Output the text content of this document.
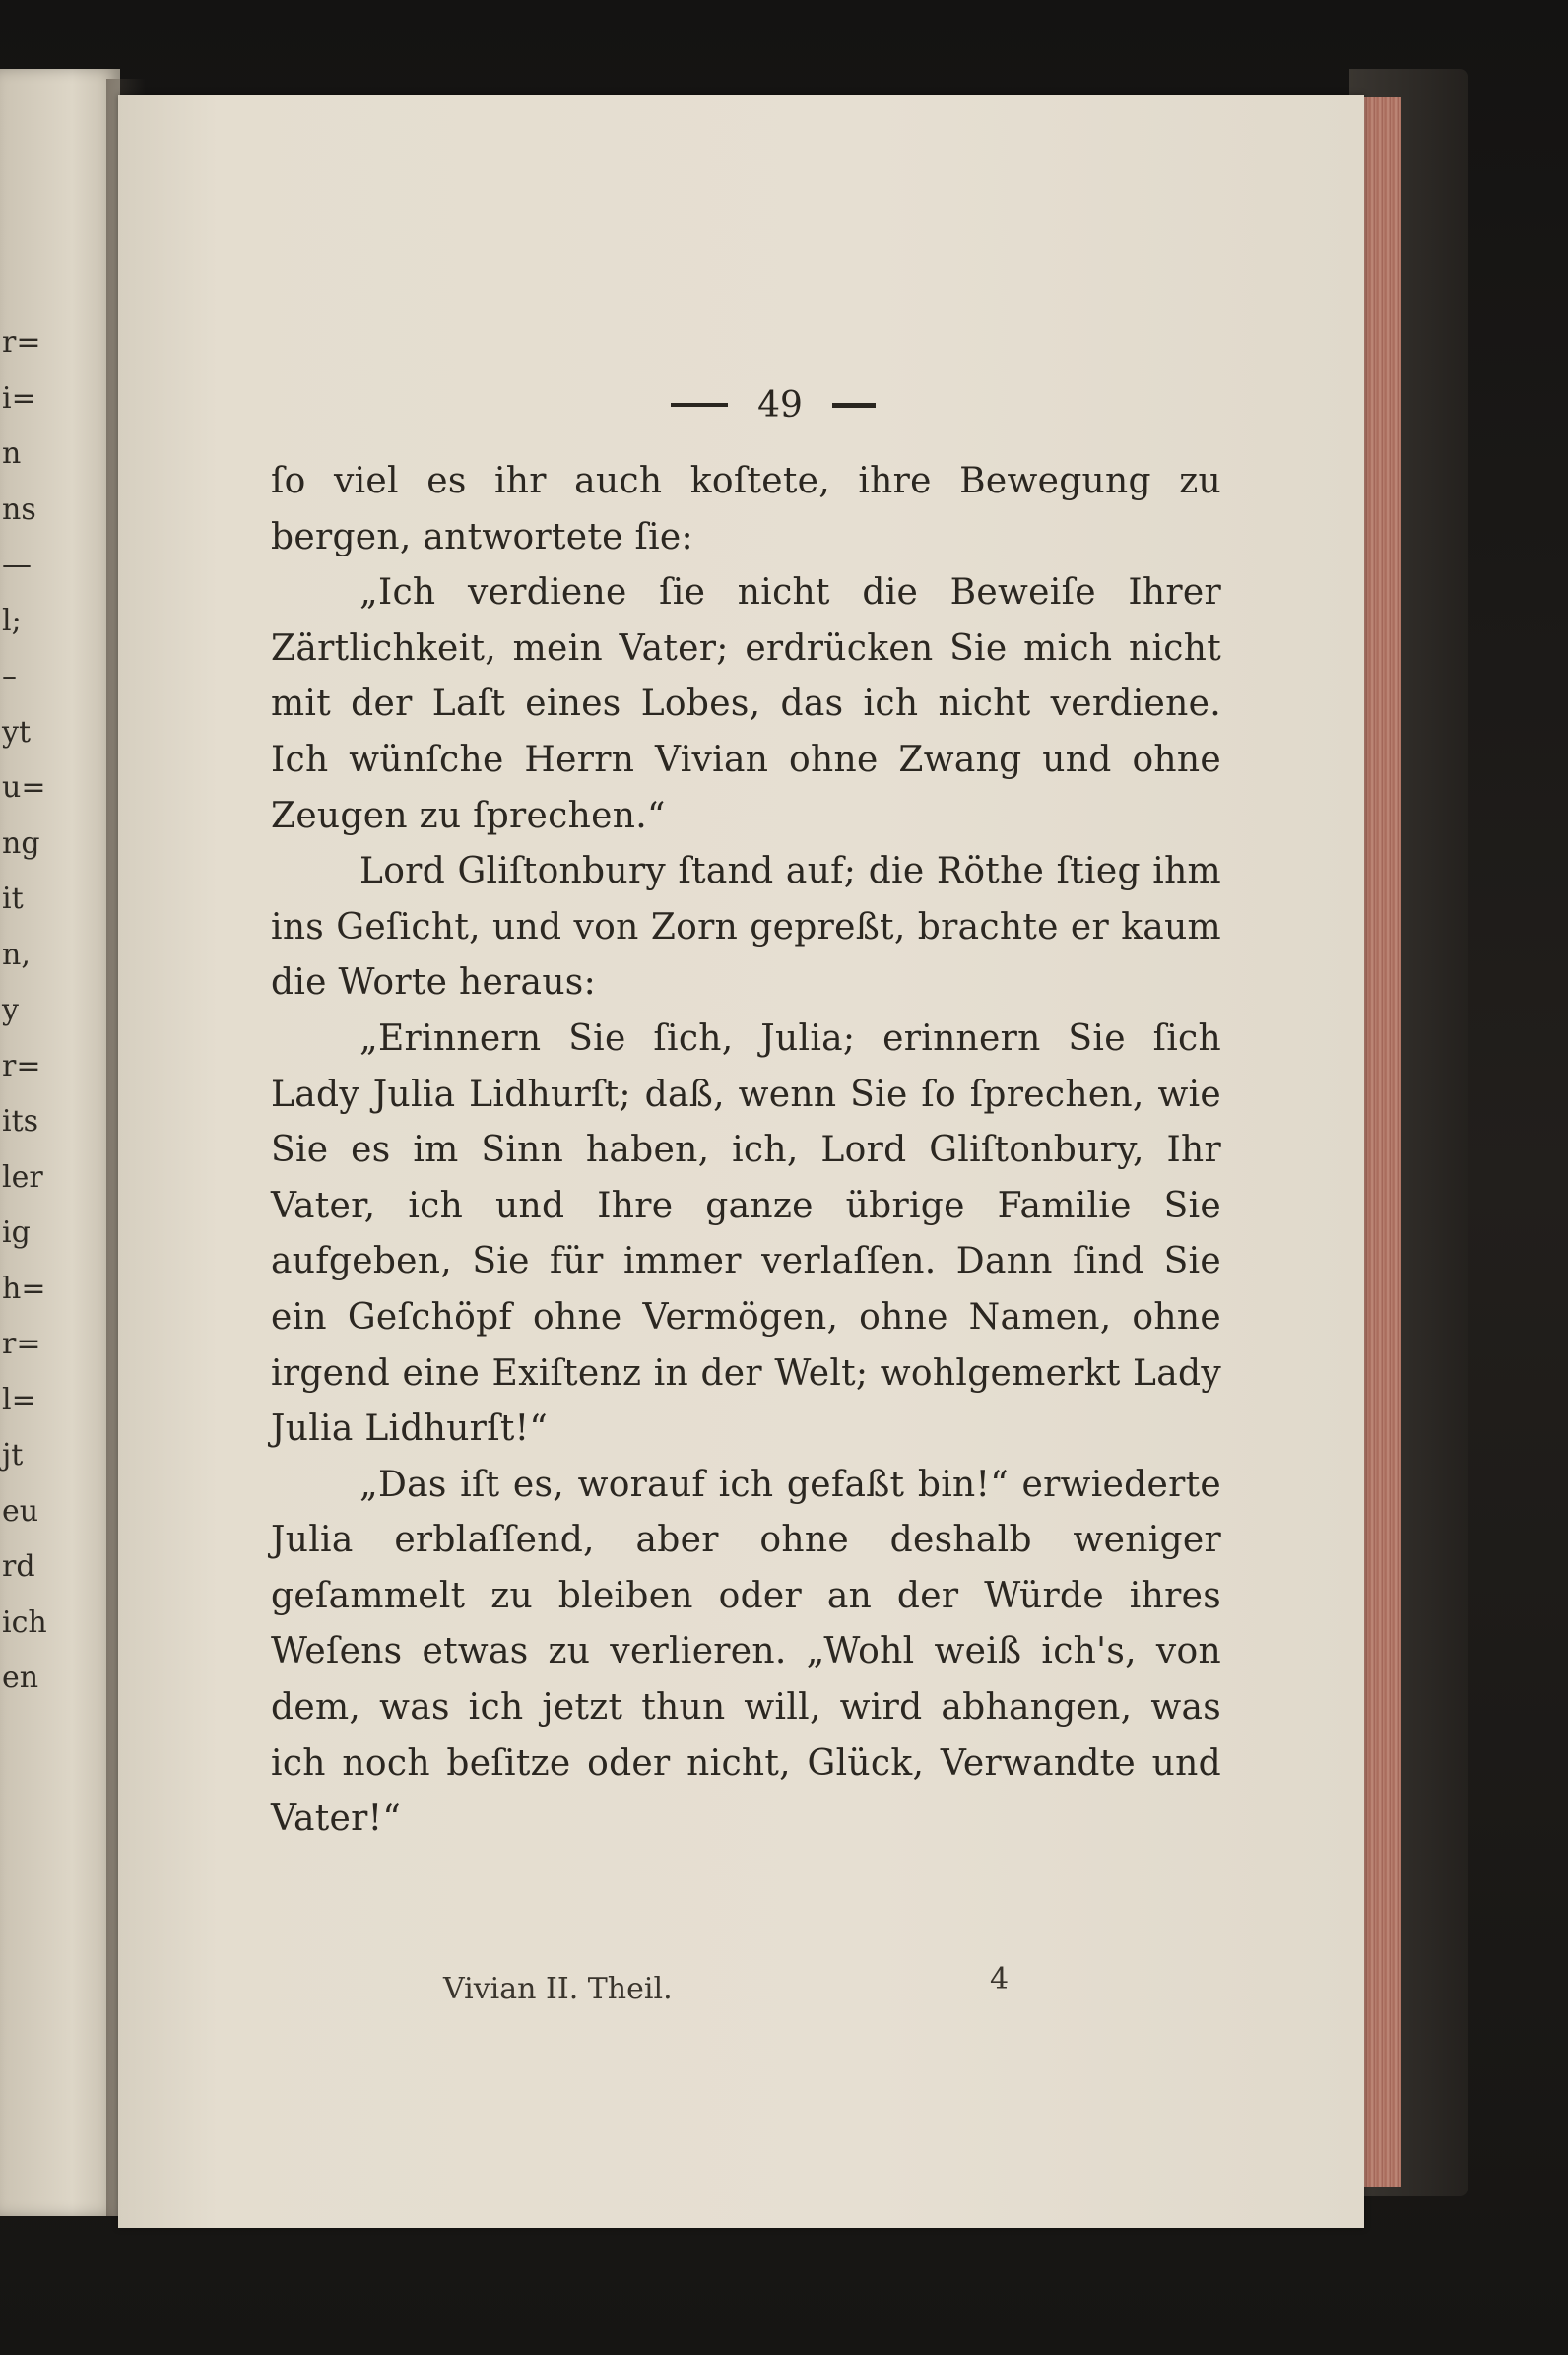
r=
i=
n
ns
—
l;
–
yt
u=
ng
it
n,
y
r=
its
ler
ig
h=
r=
l=
jt
eu
rd
ich
en
49

ſo viel es ihr auch koſtete, ihre Bewegung zu bergen, antwortete ſie:

„Ich verdiene ſie nicht die Beweiſe Ihrer Zärtlichkeit, mein Vater; erdrücken Sie mich nicht mit der Laſt eines Lobes, das ich nicht verdiene. Ich wünſche Herrn Vivian ohne Zwang und ohne Zeugen zu ſprechen.“

Lord Gliſtonbury ſtand auf; die Röthe ſtieg ihm ins Geſicht, und von Zorn gepreßt, brachte er kaum die Worte heraus:

„Erinnern Sie ſich, Julia; erinnern Sie ſich Lady Julia Lidhurſt; daß, wenn Sie ſo ſprechen, wie Sie es im Sinn haben, ich, Lord Gliſtonbury, Ihr Vater, ich und Ihre ganze übrige Familie Sie aufgeben, Sie für immer verlaſſen. Dann ſind Sie ein Geſchöpf ohne Vermögen, ohne Namen, ohne irgend eine Exiſtenz in der Welt; wohlgemerkt Lady Julia Lidhurſt!“

„Das iſt es, worauf ich gefaßt bin!“ erwiederte Julia erblaſſend, aber ohne deshalb weniger geſammelt zu bleiben oder an der Würde ihres Weſens etwas zu verlieren. „Wohl weiß ich's, von dem, was ich jetzt thun will, wird abhangen, was ich noch beſitze oder nicht, Glück, Verwandte und Vater!“

Vivian II. Theil.	4
